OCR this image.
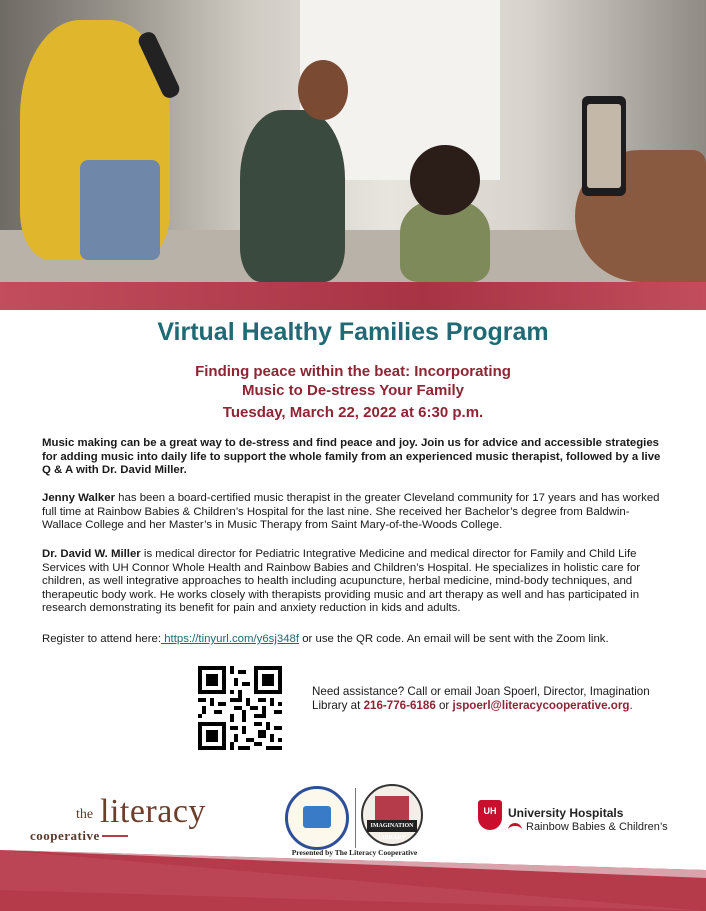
Virtual Healthy Families Program
Finding peace within the beat: Incorporating
Music to De-stress Your Family
Tuesday, March 22, 2022 at 6:30 p.m.
Music making can be a great way to de-stress and find peace and joy. Join us for advice and accessible strategies for adding music into daily life to support the whole family from an experienced music therapist, followed by a live Q & A with Dr. David Miller.
Jenny Walker has been a board-certified music therapist in the greater Cleveland community for 17 years and has worked full time at Rainbow Babies & Children’s Hospital for the last nine. She received her Bachelor’s degree from Baldwin-Wallace College and her Master’s in Music Therapy from Saint Mary-of-the-Woods College.
Dr. David W. Miller is medical director for Pediatric Integrative Medicine and medical director for Family and Child Life Services with UH Connor Whole Health and Rainbow Babies and Children’s Hospital. He specializes in holistic care for children, as well integrative approaches to health including acupuncture, herbal medicine, mind-body techniques, and therapeutic body work. He works closely with therapists providing music and art therapy as well and has participated in research demonstrating its benefit for pain and anxiety reduction in kids and adults.
Register to attend here: https://tinyurl.com/y6sj348f or use the QR code. An email will be sent with the Zoom link.
Need assistance? Call or email Joan Spoerl, Director, Imagination Library at 216-776-6186 or jspoerl@literacycooperative.org.
the literacy
cooperative
IMAGINATION LIBRARY
Presented by The Literacy Cooperative
UH University Hospitals
Rainbow Babies & Children’s
